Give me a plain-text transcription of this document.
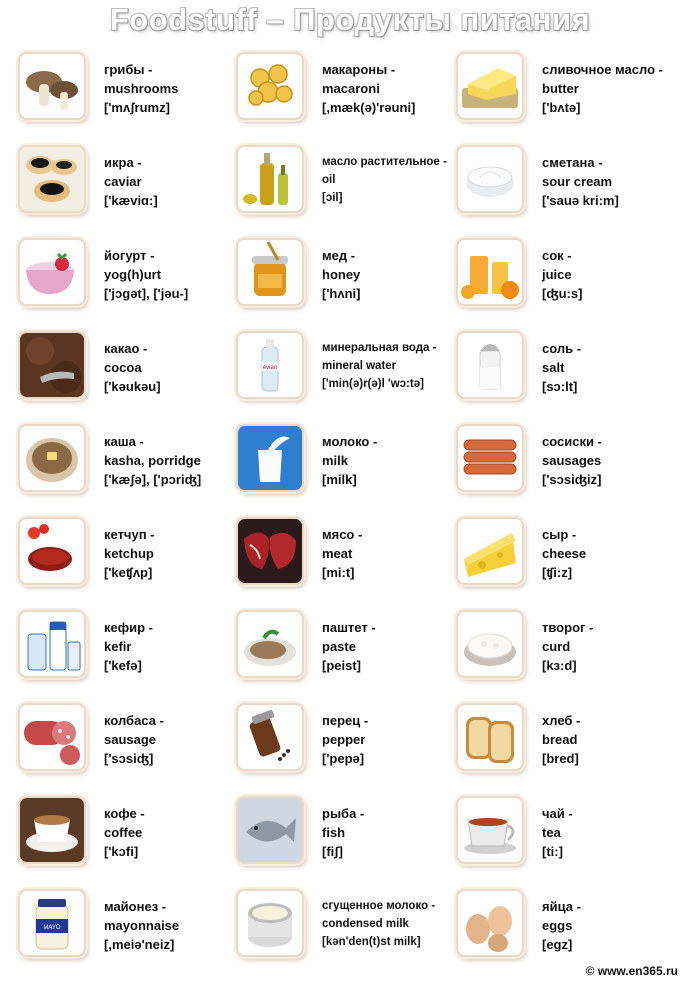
Foodstuff – Продукты питания
грибы -
mushrooms
['mʌʃrumz]
макароны -
macaroni
[,mæk(ə)'rəuni]
сливочное масло -
butter
['bʌtə]
икра -
caviar
['kæviɑ:]
масло растительное -
oil
[ɔil]
сметана -
sour cream
['sauə kri:m]
йогурт -
yog(h)urt
['jɔgət], ['jəu-]
мед -
honey
['hʌni]
сок -
juice
[ʤu:s]
какао -
cocoa
['kəukəu]
evian
минеральная вода -
mineral water
['min(ə)r(ə)l 'wɔ:tə]
соль -
salt
[sɔ:lt]
каша -
kasha, porridge
['kæʃə], ['pɔriʤ]
молоко -
milk
[milk]
сосиски -
sausages
['sɔsiʤiz]
кетчуп -
ketchup
['keʧʌp]
мясо -
meat
[mi:t]
сыр -
cheese
[ʧi:z]
кефир -
kefir
['kefə]
паштет -
paste
[peist]
творог -
curd
[kɜ:d]
колбаса -
sausage
['sɔsiʤ]
перец -
pepper
['pepə]
хлеб -
bread
[bred]
кофе -
coffee
['kɔfi]
рыба -
fish
[fiʃ]
чай -
tea
[ti:]
MAYO
майонез -
mayonnaise
[,meiə'neiz]
сгущенное молоко -
condensed milk
[kən'den(t)st milk]
яйца -
eggs
[egz]
© www.en365.ru
